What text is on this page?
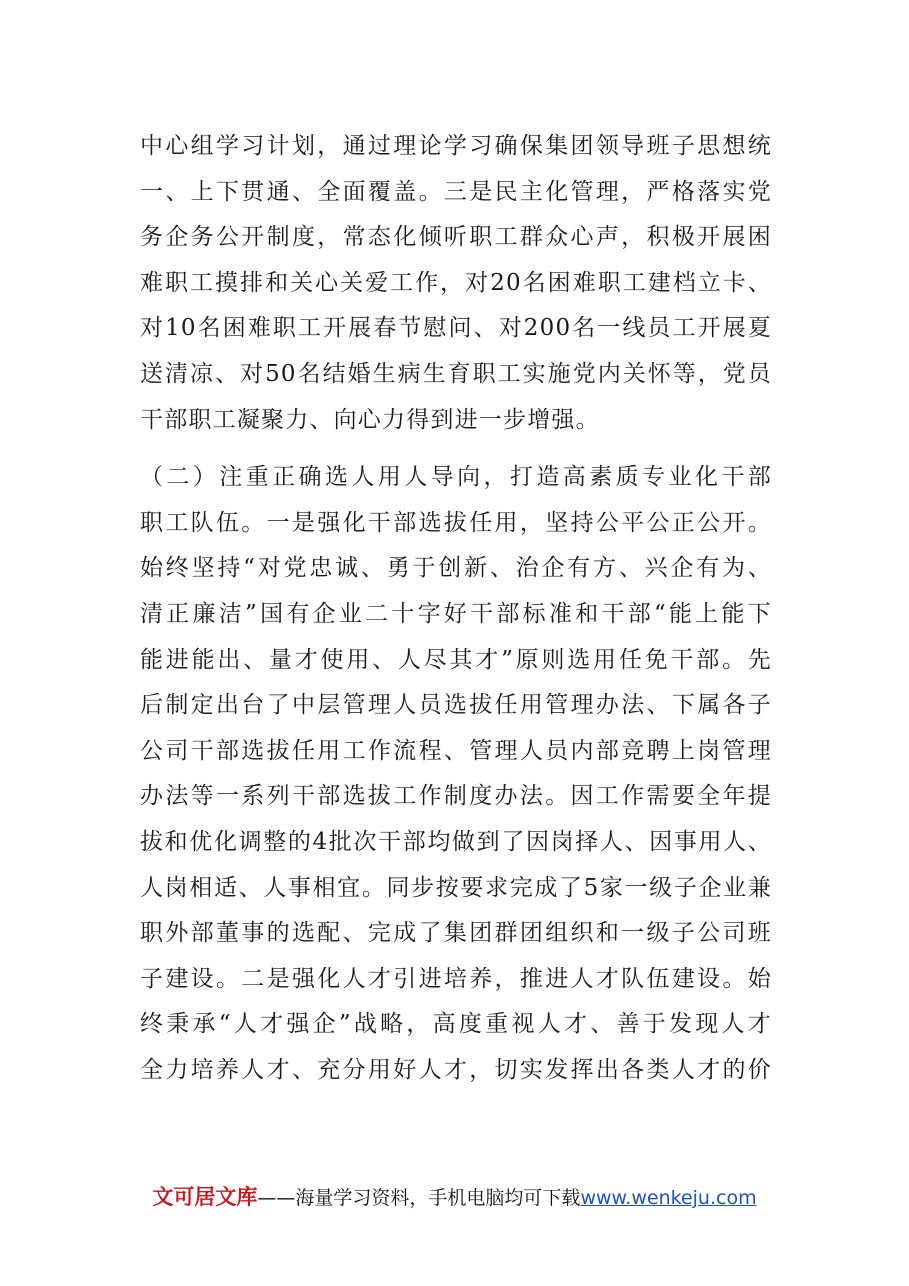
中心组学习计划，通过理论学习确保集团领导班子思想统
一、上下贯通、全面覆盖。三是民主化管理，严格落实党
务企务公开制度，常态化倾听职工群众心声，积极开展困
难职工摸排和关心关爱工作，对20名困难职工建档立卡、
对10名困难职工开展春节慰问、对200名一线员工开展夏
送清凉、对50名结婚生病生育职工实施党内关怀等，党员
干部职工凝聚力、向心力得到进一步增强。
（二）注重正确选人用人导向，打造高素质专业化干部
职工队伍。一是强化干部选拔任用，坚持公平公正公开。
始终坚持“对党忠诚、勇于创新、治企有方、兴企有为、
清正廉洁”国有企业二十字好干部标准和干部“能上能下
能进能出、量才使用、人尽其才”原则选用任免干部。先
后制定出台了中层管理人员选拔任用管理办法、下属各子
公司干部选拔任用工作流程、管理人员内部竞聘上岗管理
办法等一系列干部选拔工作制度办法。因工作需要全年提
拔和优化调整的4批次干部均做到了因岗择人、因事用人、
人岗相适、人事相宜。同步按要求完成了5家一级子企业兼
职外部董事的选配、完成了集团群团组织和一级子公司班
子建设。二是强化人才引进培养，推进人才队伍建设。始
终秉承“人才强企”战略，高度重视人才、善于发现人才
全力培养人才、充分用好人才，切实发挥出各类人才的价
文可居文库——海量学习资料，手机电脑均可下载www.wenkeju.com
